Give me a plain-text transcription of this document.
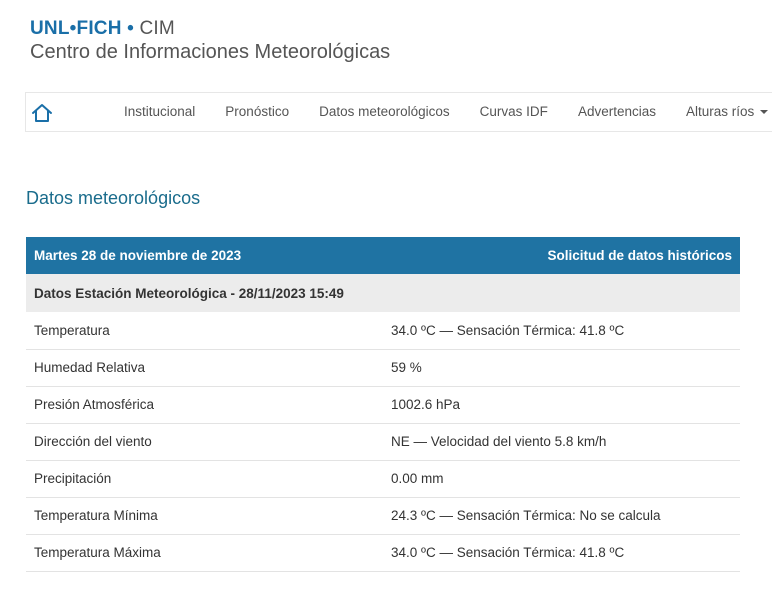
UNL•FICH • CIM
Centro de Informaciones Meteorológicas
Institucional	Pronóstico	Datos meteorológicos	Curvas IDF	Advertencias	Alturas ríos
Datos meteorológicos
Martes 28 de noviembre de 2023	Solicitud de datos históricos
Datos Estación Meteorológica - 28/11/2023 15:49	
Temperatura	34.0 ºC — Sensación Térmica: 41.8 ºC
Humedad Relativa	59 %
Presión Atmosférica	1002.6 hPa
Dirección del viento	NE — Velocidad del viento 5.8 km/h
Precipitación	0.00 mm
Temperatura Mínima	24.3 ºC — Sensación Térmica: No se calcula
Temperatura Máxima	34.0 ºC — Sensación Térmica: 41.8 ºC
